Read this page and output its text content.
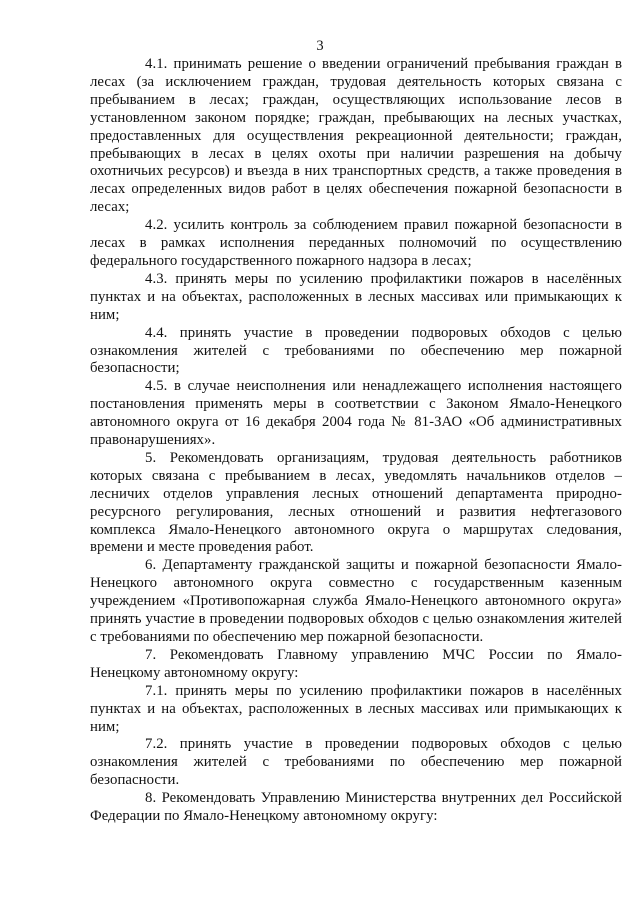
3

4.1. принимать решение о введении ограничений пребывания граждан в лесах (за исключением граждан, трудовая деятельность которых связана с пребыванием в лесах; граждан, осуществляющих использование лесов в установленном законом порядке; граждан, пребывающих на лесных участках, предоставленных для осуществления рекреационной деятельности; граждан, пребывающих в лесах в целях охоты при наличии разрешения на добычу охотничьих ресурсов) и въезда в них транспортных средств, а также проведения в лесах определенных видов работ в целях обеспечения пожарной безопасности в лесах;

4.2. усилить контроль за соблюдением правил пожарной безопасности в лесах в рамках исполнения переданных полномочий по осуществлению федерального государственного пожарного надзора в лесах;

4.3. принять меры по усилению профилактики пожаров в населённых пунктах и на объектах, расположенных в лесных массивах или примыкающих к ним;

4.4. принять участие в проведении подворовых обходов с целью ознакомления жителей с требованиями по обеспечению мер пожарной безопасности;

4.5. в случае неисполнения или ненадлежащего исполнения настоящего постановления применять меры в соответствии с Законом Ямало-Ненецкого автономного округа от 16 декабря 2004 года № 81-ЗАО «Об административных правонарушениях».

5. Рекомендовать организациям, трудовая деятельность работников которых связана с пребыванием в лесах, уведомлять начальников отделов – лесничих отделов управления лесных отношений департамента природно-ресурсного регулирования, лесных отношений и развития нефтегазового комплекса Ямало-Ненецкого автономного округа о маршрутах следования, времени и месте проведения работ.

6. Департаменту гражданской защиты и пожарной безопасности Ямало-Ненецкого автономного округа совместно с государственным казенным учреждением «Противопожарная служба Ямало-Ненецкого автономного округа» принять участие в проведении подворовых обходов с целью ознакомления жителей с требованиями по обеспечению мер пожарной безопасности.

7. Рекомендовать Главному управлению МЧС России по Ямало-Ненецкому автономному округу:

7.1. принять меры по усилению профилактики пожаров в населённых пунктах и на объектах, расположенных в лесных массивах или примыкающих к ним;

7.2. принять участие в проведении подворовых обходов с целью ознакомления жителей с требованиями по обеспечению мер пожарной безопасности.

8. Рекомендовать Управлению Министерства внутренних дел Российской Федерации по Ямало-Ненецкому автономному округу:
